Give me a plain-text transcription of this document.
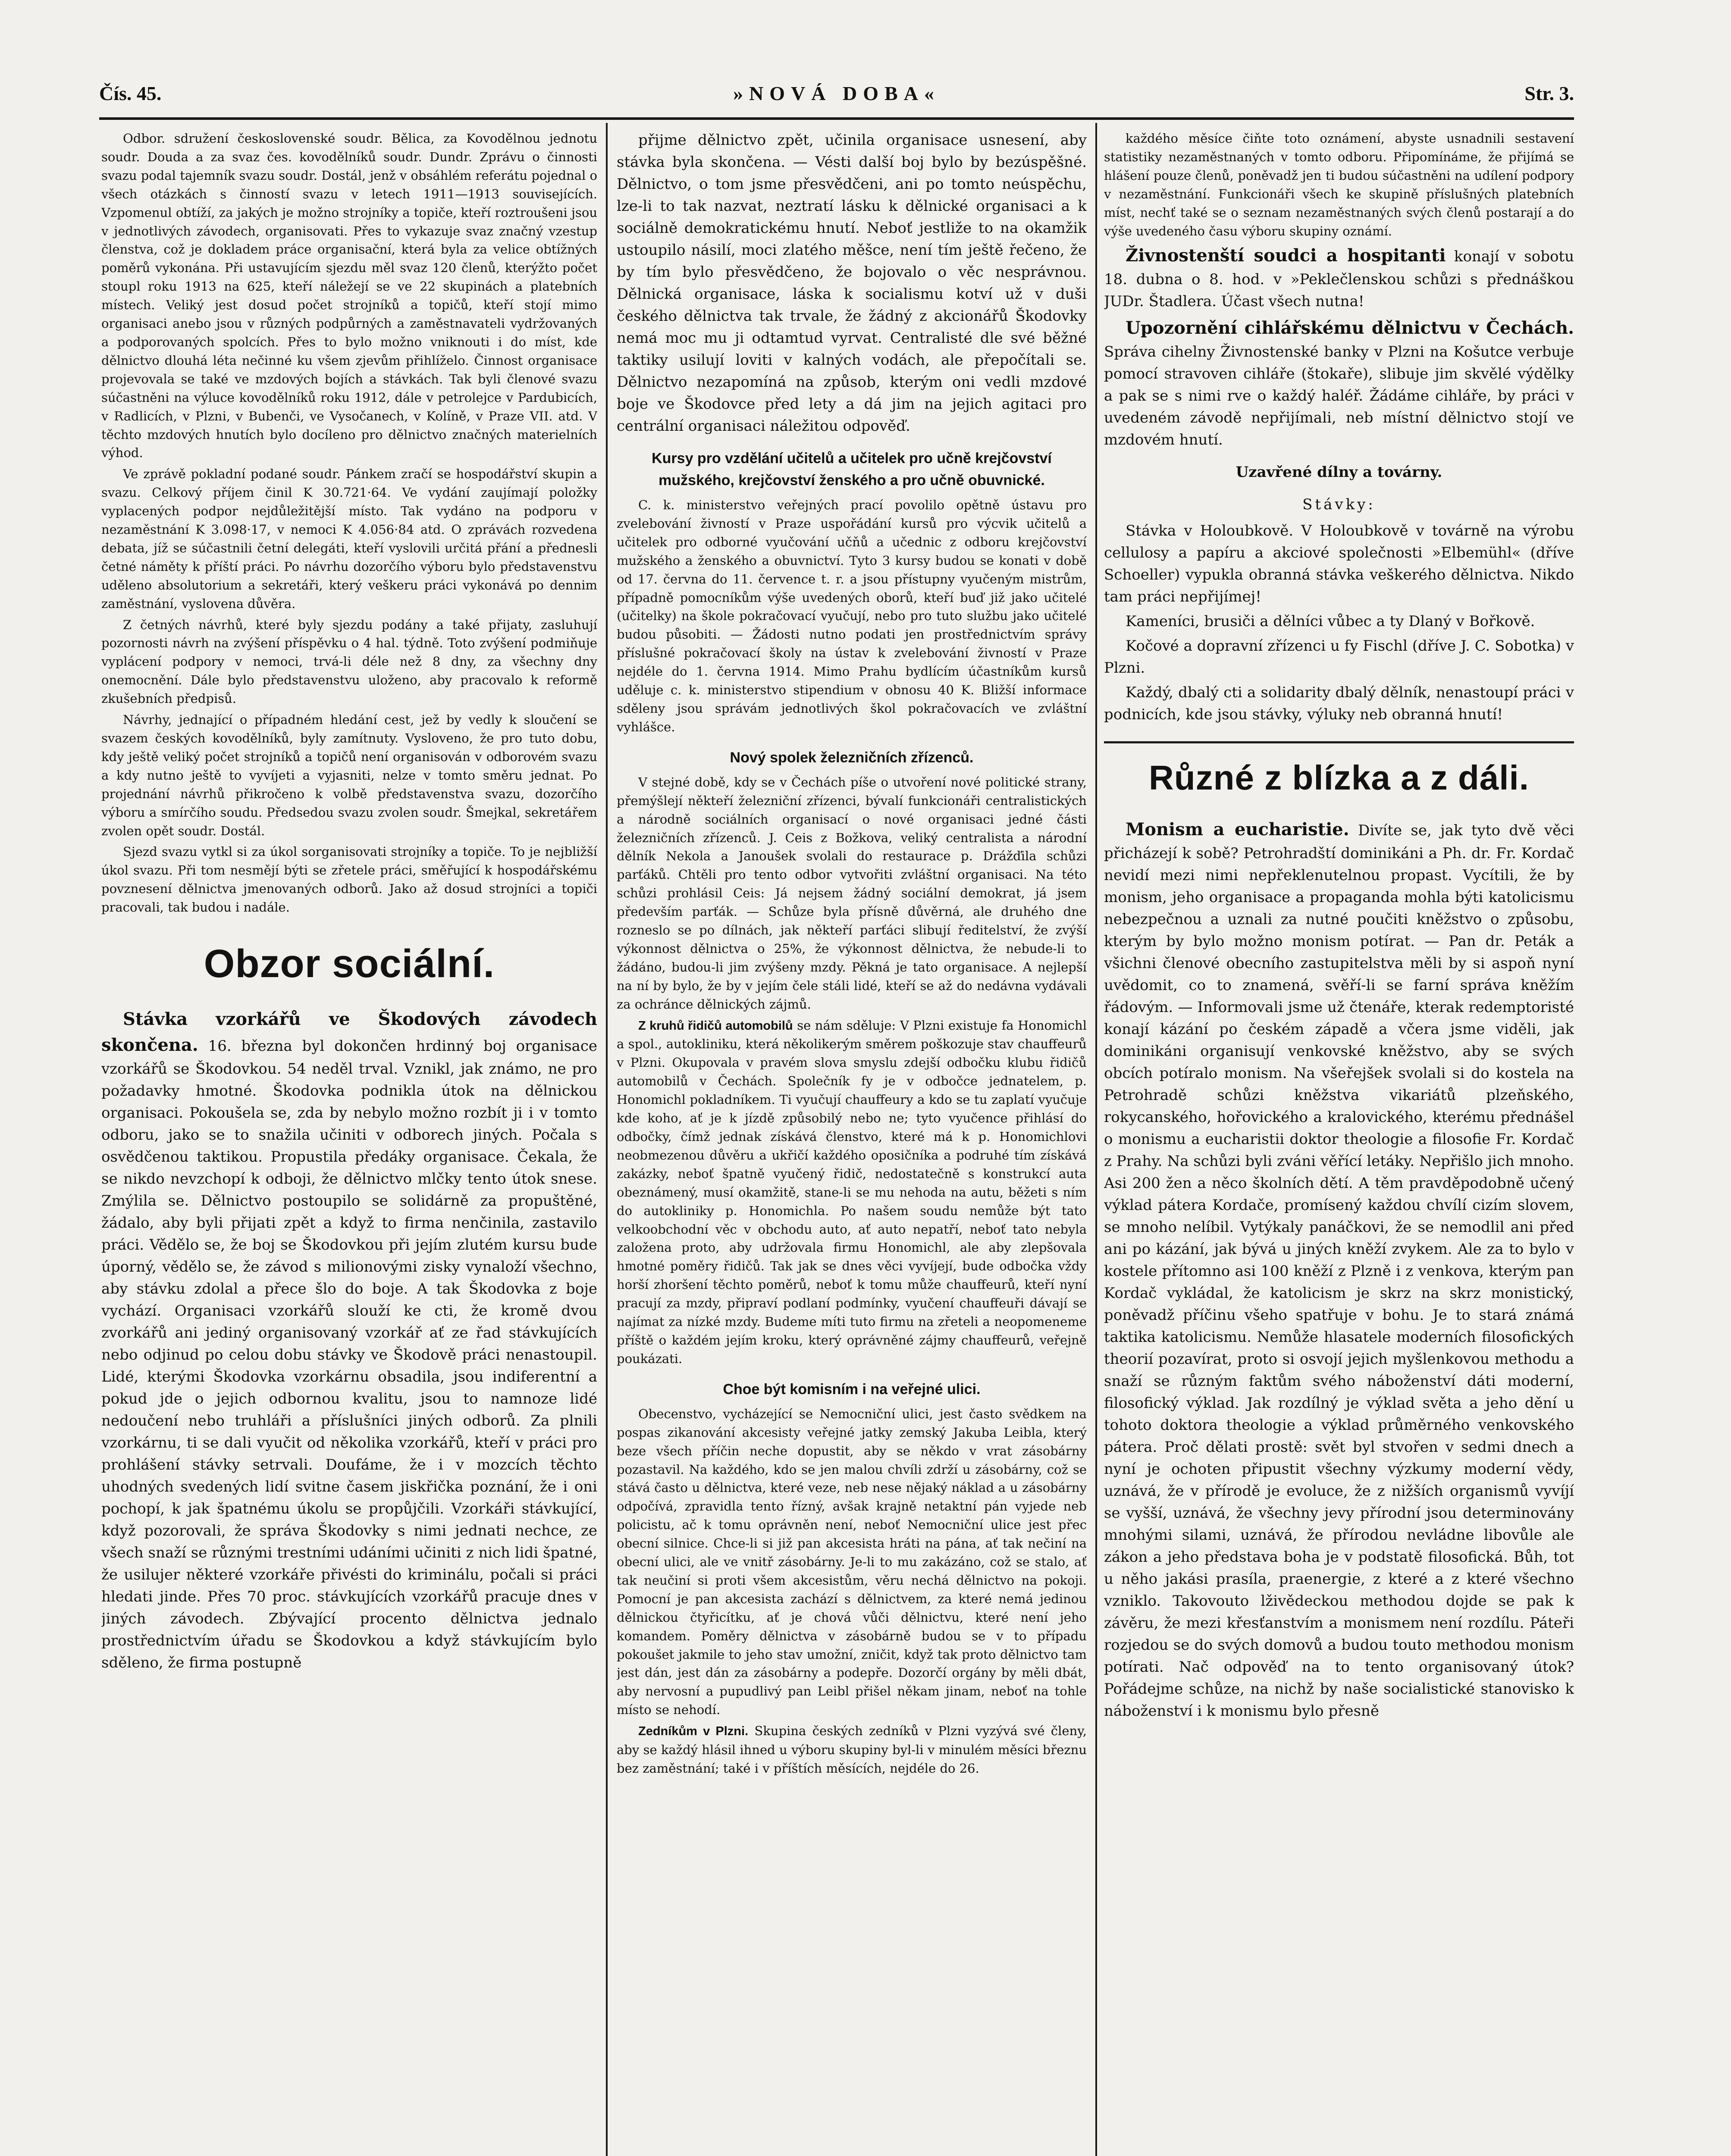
Čís. 45.	»NOVÁ DOBA«	Str. 3.

Odbor. sdružení československé soudr. Bělica, za Kovodělnou jednotu soudr. Douda a za svaz čes. kovodělníků soudr. Dundr. Zprávu o činnosti svazu podal tajemník svazu soudr. Dostál, jenž v obsáhlém referátu pojednal o všech otázkách s činností svazu v letech 1911—1913 souvisejících. Vzpomenul obtíží, za jakých je možno strojníky a topiče, kteří roztroušeni jsou v jednotlivých závodech, organisovati. Přes to vykazuje svaz značný vzestup členstva, což je dokladem práce organisační, která byla za velice obtížných poměrů vykonána. Při ustavujícím sjezdu měl svaz 120 členů, kterýžto počet stoupl roku 1913 na 625, kteří náležejí se ve 22 skupinách a platebních místech. Veliký jest dosud počet strojníků a topičů, kteří stojí mimo organisaci anebo jsou v různých podpůrných a zaměstnavateli vydržovaných a podporovaných spolcích. Přes to bylo možno vniknouti i do míst, kde dělnictvo dlouhá léta nečinné ku všem zjevům přihlíželo. Činnost organisace projevovala se také ve mzdových bojích a stávkách. Tak byli členové svazu súčastněni na výluce kovodělníků roku 1912, dále v petrolejce v Pardubicích, v Radlicích, v Plzni, v Bubenči, ve Vysočanech, v Kolíně, v Praze VII. atd. V těchto mzdových hnutích bylo docíleno pro dělnictvo značných materielních výhod.

Ve zprávě pokladní podané soudr. Pánkem zračí se hospodářství skupin a svazu. Celkový příjem činil K 30.721·64. Ve vydání zaujímají položky vyplacených podpor nejdůležitější místo. Tak vydáno na podporu v nezaměstnání K 3.098·17, v nemoci K 4.056·84 atd. O zprávách rozvedena debata, jíž se súčastnili četní delegáti, kteří vyslovili určitá přání a přednesli četné náměty k příští práci. Po návrhu dozorčího výboru bylo představenstvu uděleno absolutorium a sekretáři, který veškeru práci vykonává po dennim zaměstnání, vyslovena důvěra.

Z četných návrhů, které byly sjezdu podány a také přijaty, zasluhují pozornosti návrh na zvýšení příspěvku o 4 hal. týdně. Toto zvýšení podmiňuje vyplácení podpory v nemoci, trvá-li déle než 8 dny, za všechny dny onemocnění. Dále bylo představenstvu uloženo, aby pracovalo k reformě zkušebních předpisů.

Návrhy, jednající o případném hledání cest, jež by vedly k sloučení se svazem českých kovodělníků, byly zamítnuty. Vysloveno, že pro tuto dobu, kdy ještě veliký počet strojníků a topičů není organisován v odborovém svazu a kdy nutno ještě to vyvíjeti a vyjasniti, nelze v tomto směru jednat. Po projednání návrhů přikročeno k volbě představenstva svazu, dozorčího výboru a smírčího soudu. Předsedou svazu zvolen soudr. Šmejkal, sekretářem zvolen opět soudr. Dostál.

Sjezd svazu vytkl si za úkol sorganisovati strojníky a topiče. To je nejbližší úkol svazu. Při tom nesmějí býti se zřetele práci, směřující k hospodářskému povznesení dělnictva jmenovaných odborů. Jako až dosud strojníci a topiči pracovali, tak budou i nadále.

Obzor sociální.

Stávka vzorkářů ve Škodových závodech skončena. 16. března byl dokončen hrdinný boj organisace vzorkářů se Škodovkou. 54 neděl trval. Vznikl, jak známo, ne pro požadavky hmotné. Škodovka podnikla útok na dělnickou organisaci. Pokoušela se, zda by nebylo možno rozbít ji i v tomto odboru, jako se to snažila učiniti v odborech jiných. Počala s osvědčenou taktikou. Propustila předáky organisace. Čekala, že se nikdo nevzchopí k odboji, že dělnictvo mlčky tento útok snese. Zmýlila se. Dělnictvo postoupilo se solidárně za propuštěné, žádalo, aby byli přijati zpět a když to firma nenčinila, zastavilo práci. Vědělo se, že boj se Škodovkou při jejím zlutém kursu bude úporný, vědělo se, že závod s milionovými zisky vynaloží všechno, aby stávku zdolal a přece šlo do boje. A tak Škodovka z boje vychází. Organisaci vzorkářů slouží ke cti, že kromě dvou zvorkářů ani jediný organisovaný vzorkář ať ze řad stávkujících nebo odjinud po celou dobu stávky ve Škodově práci nenastoupil. Lidé, kterými Škodovka vzorkárnu obsadila, jsou indiferentní a pokud jde o jejich odbornou kvalitu, jsou to namnoze lidé nedoučení nebo truhláři a příslušníci jiných odborů. Za plnili vzorkárnu, ti se dali vyučit od několika vzorkářů, kteří v práci pro prohlášení stávky setrvali. Doufáme, že i v mozcích těchto uhodných svedených lidí svitne časem jiskřička poznání, že i oni pochopí, k jak špatnému úkolu se propůjčili. Vzorkáři stávkující, když pozorovali, že správa Škodovky s nimi jednati nechce, ze všech snaží se různými trestními udáními učiniti z nich lidi špatné, že usilujer některé vzorkáře přivésti do kriminálu, počali si práci hledati jinde. Přes 70 proc. stávkujících vzorkářů pracuje dnes v jiných závodech. Zbývající procento dělnictva jednalo prostřednictvím úřadu se Škodovkou a když stávkujícím bylo sděleno, že firma postupně

přijme dělnictvo zpět, učinila organisace usnesení, aby stávka byla skončena. — Vésti další boj bylo by bezúspěšné. Dělnictvo, o tom jsme přesvědčeni, ani po tomto neúspěchu, lze-li to tak nazvat, neztratí lásku k dělnické organisaci a k sociálně demokratickému hnutí. Neboť jestliže to na okamžik ustoupilo násilí, moci zlatého měšce, není tím ještě řečeno, že by tím bylo přesvědčeno, že bojovalo o věc nesprávnou. Dělnická organisace, láska k socialismu kotví už v duši českého dělnictva tak trvale, že žádný z akcionářů Škodovky nemá moc mu ji odtamtud vyrvat. Centralisté dle své běžné taktiky usilují loviti v kalných vodách, ale přepočítali se. Dělnictvo nezapomíná na způsob, kterým oni vedli mzdové boje ve Škodovce před lety a dá jim na jejich agitaci pro centrální organisaci náležitou odpověď.

Kursy pro vzdělání učitelů a učitelek pro učně krejčovství mužského, krejčovství ženského a pro učně obuvnické.

C. k. ministerstvo veřejných prací povolilo opětně ústavu pro zvelebování živností v Praze uspořádání kursů pro výcvik učitelů a učitelek pro odborné vyučování učňů a učednic z odboru krejčovství mužského a ženského a obuvnictví. Tyto 3 kursy budou se konati v době od 17. června do 11. července t. r. a jsou přístupny vyučeným mistrům, případně pomocníkům výše uvedených oborů, kteří buď již jako učitelé (učitelky) na škole pokračovací vyučují, nebo pro tuto službu jako učitelé budou působiti. — Žádosti nutno podati jen prostřednictvím správy příslušné pokračovací školy na ústav k zvelebování živností v Praze nejdéle do 1. června 1914. Mimo Prahu bydlícím účastníkům kursů uděluje c. k. ministerstvo stipendium v obnosu 40 K. Bližší informace sděleny jsou správám jednotlivých škol pokračovacích ve zvláštní vyhlášce.

Nový spolek železničních zřízenců.

V stejné době, kdy se v Čechách píše o utvoření nové politické strany, přemýšlejí někteří železniční zřízenci, bývalí funkcionáři centralistických a národně sociálních organisací o nové organisaci jedné části železničních zřízenců. J. Ceis z Božkova, veliký centralista a národní dělník Nekola a Janoušek svolali do restaurace p. Drážďila schůzi parťáků. Chtěli pro tento odbor vytvořiti zvláštní organisaci. Na této schůzi prohlásil Ceis: Já nejsem žádný sociální demokrat, já jsem především parťák. — Schůze byla přísně důvěrná, ale druhého dne rozneslo se po dílnách, jak někteří parťáci slibují ředitelství, že zvýší výkonnost dělnictva o 25%, že výkonnost dělnictva, že nebude-li to žádáno, budou-li jim zvýšeny mzdy. Pěkná je tato organisace. A nejlepší na ní by bylo, že by v jejím čele stáli lidé, kteří se až do nedávna vydávali za ochránce dělnických zájmů.

Z kruhů řidičů automobilů se nám sděluje: V Plzni existuje fa Honomichl a spol., autokliniku, která několikerým směrem poškozuje stav chauffeurů v Plzni. Okupovala v pravém slova smyslu zdejší odbočku klubu řidičů automobilů v Čechách. Společník fy je v odbočce jednatelem, p. Honomichl pokladníkem. Ti vyučují chauffeury a kdo se tu zaplatí vyučuje kde koho, ať je k jízdě způsobilý nebo ne; tyto vyučence přihlásí do odbočky, čímž jednak získává členstvo, které má k p. Honomichlovi neobmezenou důvěru a ukřičí každého oposičníka a podruhé tím získává zakázky, neboť špatně vyučený řidič, nedostatečně s konstrukcí auta obeznámený, musí okamžitě, stane-li se mu nehoda na autu, běžeti s ním do autokliniky p. Honomichla. Po našem soudu nemůže být tato velkoobchodní věc v obchodu auto, ať auto nepatří, neboť tato nebyla založena proto, aby udržovala firmu Honomichl, ale aby zlepšovala hmotné poměry řidičů. Tak jak se dnes věci vyvíjejí, bude odbočka vždy horší zhoršení těchto poměrů, neboť k tomu může chauffeurů, kteří nyní pracují za mzdy, připraví podlaní podmínky, vyučení chauffeuři dávají se najímat za nízké mzdy. Budeme míti tuto firmu na zřeteli a neopomeneme příště o každém jejím kroku, který oprávněné zájmy chauffeurů, veřejně poukázati.

Choe být komisním i na veřejné ulici.

Obecenstvo, vycházející se Nemocniční ulici, jest často svědkem na pospas zikanování akcesisty veřejné jatky zemský Jakuba Leibla, který beze všech příčin neche dopustit, aby se někdo v vrat zásobárny pozastavil. Na každého, kdo se jen malou chvíli zdrží u zásobárny, což se stává často u dělnictva, které veze, neb nese nějaký náklad a u zásobárny odpočívá, zpravidla tento řízný, avšak krajně netaktní pán vyjede neb policistu, ač k tomu oprávněn není, neboť Nemocniční ulice jest přec obecní silnice. Chce-li si již pan akcesista hráti na pána, ať tak nečiní na obecní ulici, ale ve vnitř zásobárny. Je-li to mu zakázáno, což se stalo, ať tak neučiní si proti všem akcesistům, věru nechá dělnictvo na pokoji. Pomocní je pan akcesista zachází s dělnictvem, za které nemá jedinou dělnickou čtyřicítku, ať je chová vůči dělnictvu, které není jeho komandem. Poměry dělnictva v zásobárně budou se v to případu pokoušet jakmile to jeho stav umožní, zničit, když tak proto dělnictvo tam jest dán, jest dán za zásobárny a podepře. Dozorčí orgány by měli dbát, aby nervosní a pupudlivý pan Leibl přišel někam jinam, neboť na tohle místo se nehodí.

Zedníkům v Plzni. Skupina českých zedníků v Plzni vyzývá své členy, aby se každý hlásil ihned u výboru skupiny byl-li v minulém měsíci březnu bez zaměstnání; také i v příštích měsících, nejdéle do 26.

každého měsíce čiňte toto oznámení, abyste usnadnili sestavení statistiky nezaměstnaných v tomto odboru. Připomínáme, že přijímá se hlášení pouze členů, poněvadž jen ti budou súčastněni na udílení podpory v nezaměstnání. Funkcionáři všech ke skupině příslušných platebních míst, nechť také se o seznam nezaměstnaných svých členů postarají a do výše uvedeného času výboru skupiny oznámí.

Živnostenští soudci a hospitanti konají v sobotu 18. dubna o 8. hod. v »Peklečlenskou schůzi s přednáškou JUDr. Štadlera. Účast všech nutna!

Upozornění cihlářskému dělnictvu v Čechách. Správa cihelny Živnostenské banky v Plzni na Košutce verbuje pomocí stravoven cihláře (štokaře), slibuje jim skvělé výdělky a pak se s nimi rve o každý haléř. Žádáme cihláře, by práci v uvedeném závodě nepřijímali, neb místní dělnictvo stojí ve mzdovém hnutí.

Uzavřené dílny a továrny.
Stávky:

Stávka v Holoubkově. V Holoubkově v továrně na výrobu cellulosy a papíru a akciové společnosti »Elbemühl« (dříve Schoeller) vypukla obranná stávka veškerého dělnictva. Nikdo tam práci nepřijímej!

Kameníci, brusiči a dělníci vůbec a ty Dlaný v Bořkově.

Kočové a dopravní zřízenci u fy Fischl (dříve J. C. Sobotka) v Plzni.

Každý, dbalý cti a solidarity dbalý dělník, nenastoupí práci v podnicích, kde jsou stávky, výluky neb obranná hnutí!

Různé z blízka a z dáli.

Monism a eucharistie. Divíte se, jak tyto dvě věci přicházejí k sobě? Petrohradští dominikáni a Ph. dr. Fr. Kordač nevidí mezi nimi nepřeklenutelnou propast. Vycítili, že by monism, jeho organisace a propaganda mohla býti katolicismu nebezpečnou a uznali za nutné poučiti kněžstvo o způsobu, kterým by bylo možno monism potírat. — Pan dr. Peták a všichni členové obecního zastupitelstva měli by si aspoň nyní uvědomit, co to znamená, svěří-li se farní správa kněžím řádovým. — Informovali jsme už čtenáře, kterak redemptoristé konají kázání po českém západě a včera jsme viděli, jak dominikáni organisují venkovské kněžstvo, aby se svých obcích potíralo monism. Na všeřejšek svolali si do kostela na Petrohradě schůzi kněžstva vikariátů plzeňského, rokycanského, hořovického a kralovického, kterému přednášel o monismu a eucharistii doktor theologie a filosofie Fr. Kordač z Prahy. Na schůzi byli zváni věřící letáky. Nepřišlo jich mnoho. Asi 200 žen a něco školních dětí. A těm pravděpodobně učený výklad pátera Kordače, promísený každou chvílí cizím slovem, se mnoho nelíbil. Vytýkaly panáčkovi, že se nemodlil ani před ani po kázání, jak bývá u jiných kněží zvykem. Ale za to bylo v kostele přítomno asi 100 kněží z Plzně i z venkova, kterým pan Kordač vykládal, že katolicism je skrz na skrz monistický, poněvadž příčinu všeho spatřuje v bohu. Je to stará známá taktika katolicismu. Nemůže hlasatele moderních filosofických theorií pozavírat, proto si osvojí jejich myšlenkovou methodu a snaží se různým faktům svého náboženství dáti moderní, filosofický výklad. Jak rozdílný je výklad světa a jeho dění u tohoto doktora theologie a výklad průměrného venkovského pátera. Proč dělati prostě: svět byl stvořen v sedmi dnech a nyní je ochoten připustit všechny výzkumy moderní vědy, uznává, že v přírodě je evoluce, že z nižších organismů vyvíjí se vyšší, uznává, že všechny jevy přírodní jsou determinovány mnohými silami, uznává, že přírodou nevládne libovůle ale zákon a jeho představa boha je v podstatě filosofická. Bůh, tot u něho jakási prasíla, praenergie, z které a z které všechno vzniklo. Takovouto lživědeckou methodou dojde se pak k závěru, že mezi křesťanstvím a monismem není rozdílu. Páteři rozjedou se do svých domovů a budou touto methodou monism potírati. Nač odpověď na to tento organisovaný útok? Pořádejme schůze, na nichž by naše socialistické stanovisko k náboženství i k monismu bylo přesně
